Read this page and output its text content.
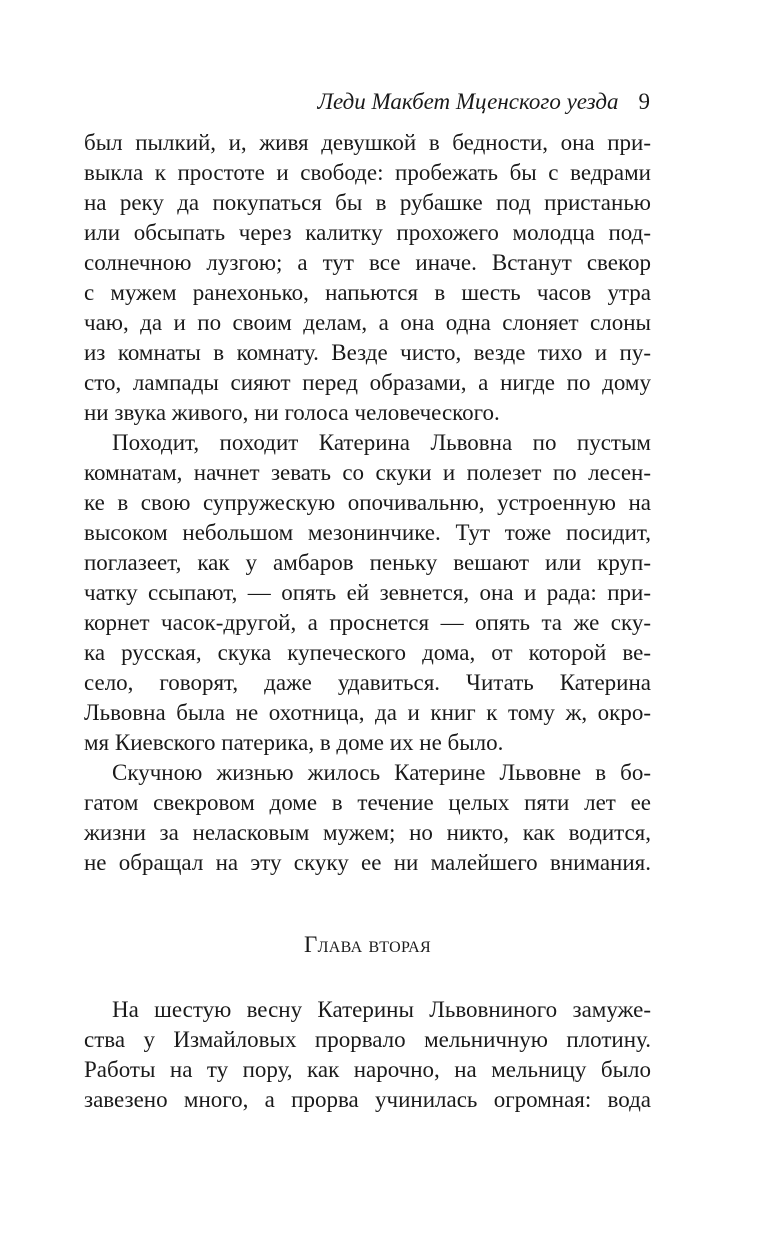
Леди Макбет Мценского уезда 9
был пылкий, и, живя девушкой в бедности, она при-
выкла к простоте и свободе: пробежать бы с ведрами
на реку да покупаться бы в рубашке под пристанью
или обсыпать через калитку прохожего молодца под-
солнечною лузгою; а тут все иначе. Встанут свекор
с мужем ранехонько, напьются в шесть часов утра
чаю, да и по своим делам, а она одна слоняет слоны
из комнаты в комнату. Везде чисто, везде тихо и пу-
сто, лампады сияют перед образами, а нигде по дому
ни звука живого, ни голоса человеческого.
Походит, походит Катерина Львовна по пустым
комнатам, начнет зевать со скуки и полезет по лесен-
ке в свою супружескую опочивальню, устроенную на
высоком небольшом мезонинчике. Тут тоже посидит,
поглазеет, как у амбаров пеньку вешают или круп-
чатку ссыпают, — опять ей зевнется, она и рада: при-
корнет часок-другой, а проснется — опять та же ску-
ка русская, скука купеческого дома, от которой ве-
село, говорят, даже удавиться. Читать Катерина
Львовна была не охотница, да и книг к тому ж, окро-
мя Киевского патерика, в доме их не было.
Скучною жизнью жилось Катерине Львовне в бо-
гатом свекровом доме в течение целых пяти лет ее
жизни за неласковым мужем; но никто, как водится,
не обращал на эту скуку ее ни малейшего внимания.
Глава вторая
На шестую весну Катерины Львовниного замуже-
ства у Измайловых прорвало мельничную плотину.
Работы на ту пору, как нарочно, на мельницу было
завезено много, а прорва учинилась огромная: вода
